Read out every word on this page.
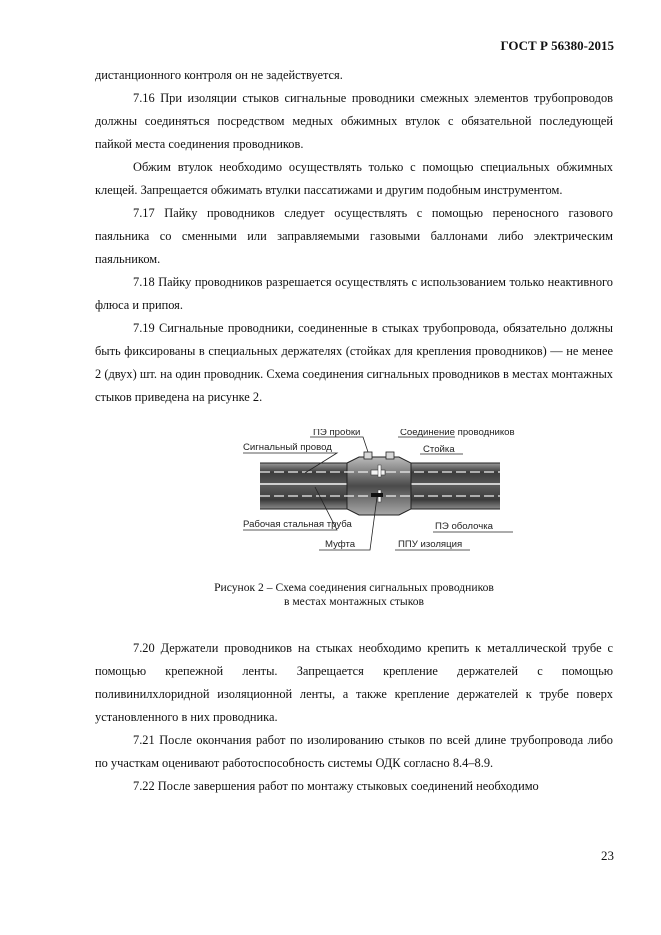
ГОСТ Р 56380-2015

дистанционного контроля он не задействуется.

7.16 При изоляции стыков сигнальные проводники смежных элементов трубопроводов должны соединяться посредством медных обжимных втулок с обязательной последующей пайкой места соединения проводников.

Обжим втулок необходимо осуществлять только с помощью специальных обжимных клещей. Запрещается обжимать втулки пассатижами и другим подобным инструментом.

7.17 Пайку проводников следует осуществлять с помощью переносного газового паяльника со сменными или заправляемыми газовыми баллонами либо электрическим паяльником.

7.18 Пайку проводников разрешается осуществлять с использованием только неактивного флюса и припоя.

7.19 Сигнальные проводники, соединенные в стыках трубопровода, обязательно должны быть фиксированы в специальных держателях (стойках для крепления проводников) — не менее 2 (двух) шт. на один проводник. Схема соединения сигнальных проводников в местах монтажных стыков приведена на рисунке 2.

ПЭ пробки	Соединение проводников
Сигнальный провод	Стойка
Рабочая стальная труба	ПЭ оболочка
Муфта	ППУ изоляция
Рисунок 2 – Схема соединения сигнальных проводников
в местах монтажных стыков

7.20 Держатели проводников на стыках необходимо крепить к металлической трубе с помощью крепежной ленты. Запрещается крепление держателей с помощью поливинилхлоридной изоляционной ленты, а также крепление держателей к трубе поверх установленного в них проводника.

7.21 После окончания работ по изолированию стыков по всей длине трубопровода либо по участкам оценивают работоспособность системы ОДК согласно 8.4–8.9.

7.22 После завершения работ по монтажу стыковых соединений необходимо

23
